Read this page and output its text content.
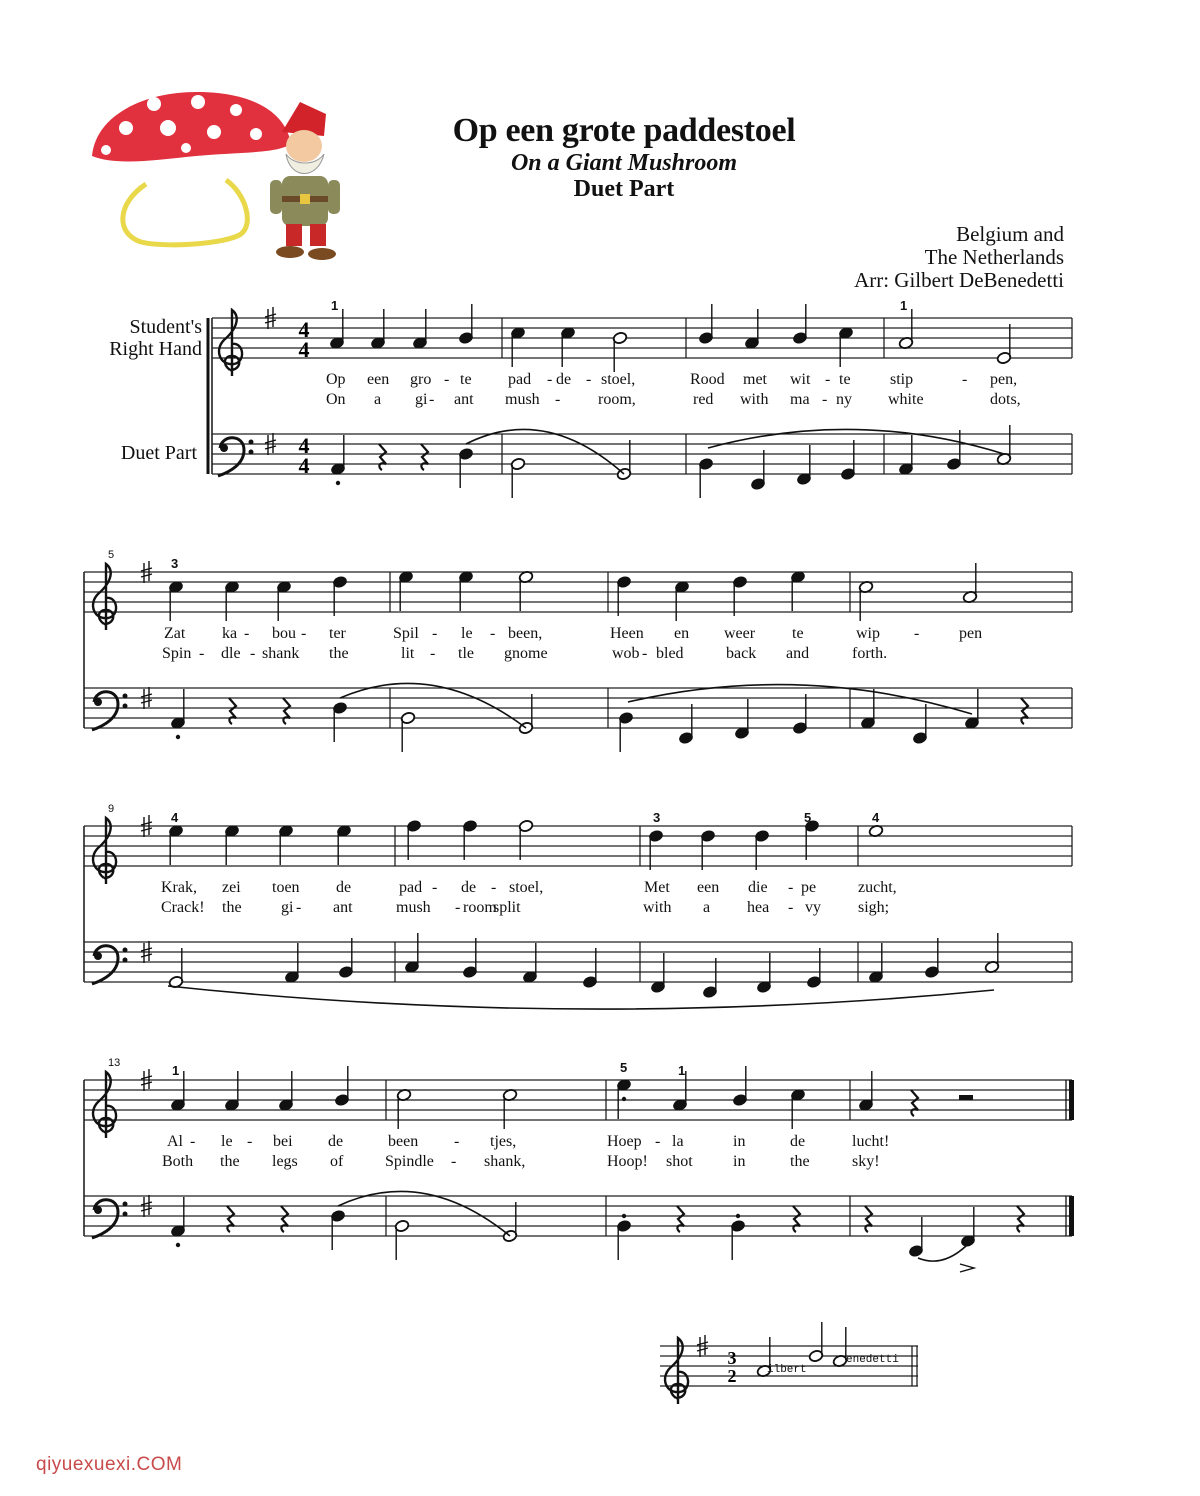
Op een grote paddestoel
On a Giant Mushroom
Duet Part
Belgium and
The Netherlands
Arr: Gilbert DeBenedetti
Student's
Right Hand
Duet Part
4
4
4
4
3
2
5
9
13
1	1
3
4	3	5	4
1	5	1
Op een gro - te pad - de - stoel,	Rood met wit - te stip	- pen,
On a gi - ant mush - room,	red with ma - ny white	dots,
Zat ka - bou - ter	Spil - le - been,	Heen en weer te	wip - pen
Spin - dle - shank the	lit - tle gnome	wob - bled	back and	forth.
Krak, zei toen de	pad - de - stoel,	Met een die - pe	zucht,
Crack! the gi - ant	mush - room
split	with a hea - vy sigh;
Al - le - bei de	been - tjes,	Hoep - la	in	de	lucht!
Both the legs of	Spindle - shank,	Hoop! shot	in	the	sky!
qiyuexuexi.COM
ilbert
enedetti
